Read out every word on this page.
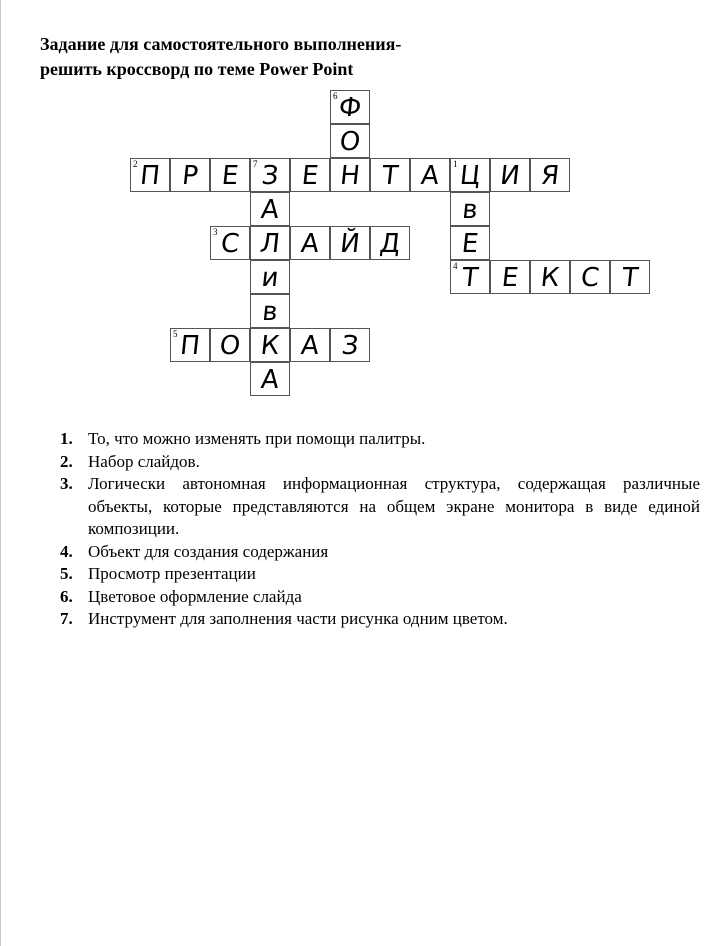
Задание для самостоятельного выполнения-
решить кроссворд по теме Power Point
6 Ф
О
2 П Р Е	7 З Е Н Т А	1 Ц И Я
А	в
3 С Л А Й Д	Е
и	4 Т Е К С Т
в
5 П О К А З
А
1. То, что можно изменять при помощи палитры.
2. Набор слайдов.
3. Логически автономная информационная структура, содержащая различные объекты, которые представляются на общем экране монитора в виде единой композиции.
4. Объект для создания содержания
5. Просмотр презентации
6. Цветовое оформление слайда
7. Инструмент для заполнения части рисунка одним цветом.
